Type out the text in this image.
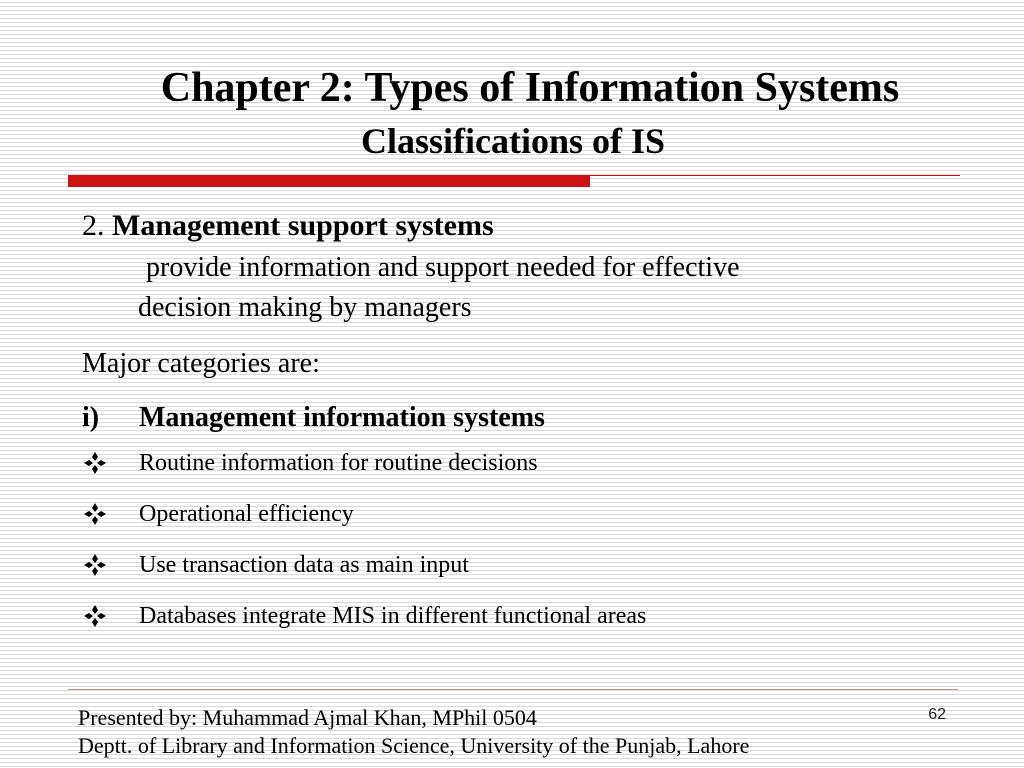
Chapter 2: Types of Information Systems
Classifications of IS
2. Management support systems
provide information and support needed for effective
decision making by managers
Major categories are:
i) Management information systems
Routine information for routine decisions
Operational efficiency
Use transaction data as main input
Databases integrate MIS in different functional areas
Presented by: Muhammad Ajmal Khan, MPhil 0504
Deptt. of Library and Information Science, University of the Punjab, Lahore
62
